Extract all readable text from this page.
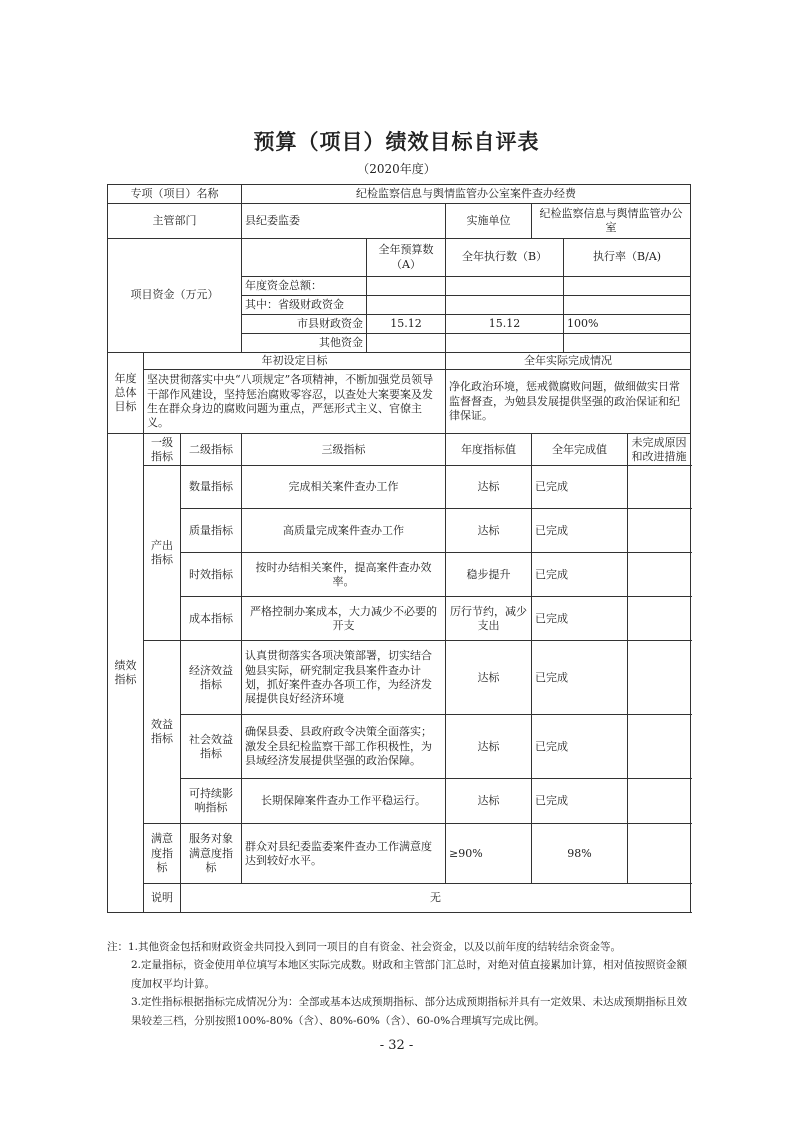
预算（项目）绩效目标自评表
（2020年度）
专项（项目）名称			纪检监察信息与舆情监管办公室案件查办经费					
主管部门			县纪委监委		实施单位	纪检监察信息与舆情监管办公室		
项目资金（万元）				全年预算数（A）	全年执行数（B）		执行率（B/A)	
			年度资金总额：					
			其中：省级财政资金					
			市县财政资金	15.12	15.12		100%	
			其他资金					
年度总体目标	年初设定目标				全年实际完成情况			
	坚决贯彻落实中央“八项规定”各项精神，不断加强党员领导干部作风建设，坚持惩治腐败零容忍，以查处大案要案及发生在群众身边的腐败问题为重点，严惩形式主义、官僚主义。				净化政治环境，惩戒微腐败问题，做细做实日常监督督查，为勉县发展提供坚强的政治保证和纪律保证。			
绩效指标	一级指标	二级指标	三级指标		年度指标值	全年完成值		未完成原因和改进措施
	产出指标	数量指标	完成相关案件查办工作		达标	已完成		
		质量指标	高质量完成案件查办工作		达标	已完成		
		时效指标	按时办结相关案件，提高案件查办效率。		稳步提升	已完成		
		成本指标	严格控制办案成本，大力减少不必要的开支		厉行节约，减少支出	已完成		
	效益指标	经济效益指标	认真贯彻落实各项决策部署，切实结合勉县实际，研究制定我县案件查办计划，抓好案件查办各项工作，为经济发展提供良好经济环境		达标	已完成		
		社会效益指标	确保县委、县政府政令决策全面落实；激发全县纪检监察干部工作积极性，为县域经济发展提供坚强的政治保障。		达标	已完成		
		可持续影响指标	长期保障案件查办工作平稳运行。		达标	已完成		
	满意度指标	服务对象满意度指标	群众对县纪委监委案件查办工作满意度达到较好水平。		≥90%	98%		
	说明	无						

注：1.其他资金包括和财政资金共同投入到同一项目的自有资金、社会资金，以及以前年度的结转结余资金等。

2.定量指标，资金使用单位填写本地区实际完成数。财政和主管部门汇总时，对绝对值直接累加计算，相对值按照资金额度加权平均计算。

3.定性指标根据指标完成情况分为：全部或基本达成预期指标、部分达成预期指标并具有一定效果、未达成预期指标且效果较差三档，分别按照100%-80%（含）、80%-60%（含）、60-0%合理填写完成比例。

- 32 -
